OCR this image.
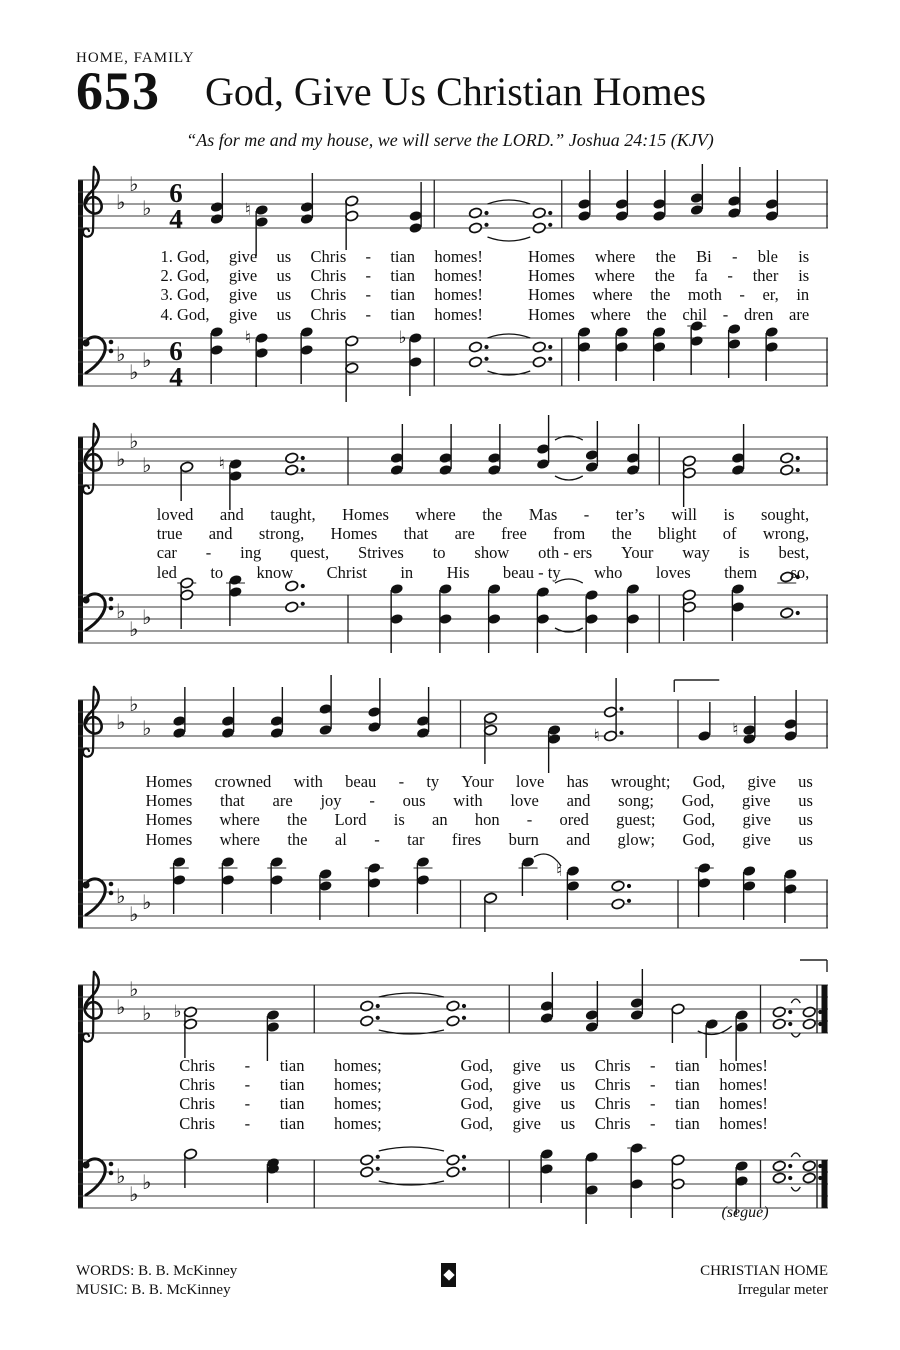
HOME, FAMILY
653 God, Give Us Christian Homes
“As for me and my house, we will serve the LORD.” Joshua 24:15 (KJV)
♭
♭
♭ 6
4	♮
♭
♭ ♭ 6
4
♮	♭
1. God, give us Chris - tian homes!	Homes where the Bi - ble is
2. God, give us Chris - tian homes!	Homes where the fa - ther is
3. God, give us Chris - tian homes!	Homes where the moth - er, in
4. God, give us Chris - tian homes!	Homes where the chil - dren are
♭
♭
♭	♮
♭
♭ ♭
loved and taught, Homes where the Mas - ter’s will is sought,
true and strong, Homes that are free from the blight of wrong,
car - ing quest, Strives to show oth - ers Your way is best,
led to know Christ in His beau - ty who loves them so,
♭
♭
♭	♮	♮
♭
♭ ♭
♮
Homes crowned with beau - ty Your love has wrought; God, give us
Homes that are joy - ous with love and song; God, give us
Homes where the Lord is an hon - ored guest; God, give us
Homes where the al - tar fires burn and glow; God, give us
♭
♭
♭ ♭
♭
♭ ♭
Chris - tian homes;	God, give us Chris - tian homes!
Chris - tian homes;	God, give us Chris - tian homes!
Chris - tian homes;	God, give us Chris - tian homes!
Chris - tian homes;	God, give us Chris - tian homes!
(segue)
WORDS: B. B. McKinney
MUSIC: B. B. McKinney
CHRISTIAN HOME
Irregular meter
